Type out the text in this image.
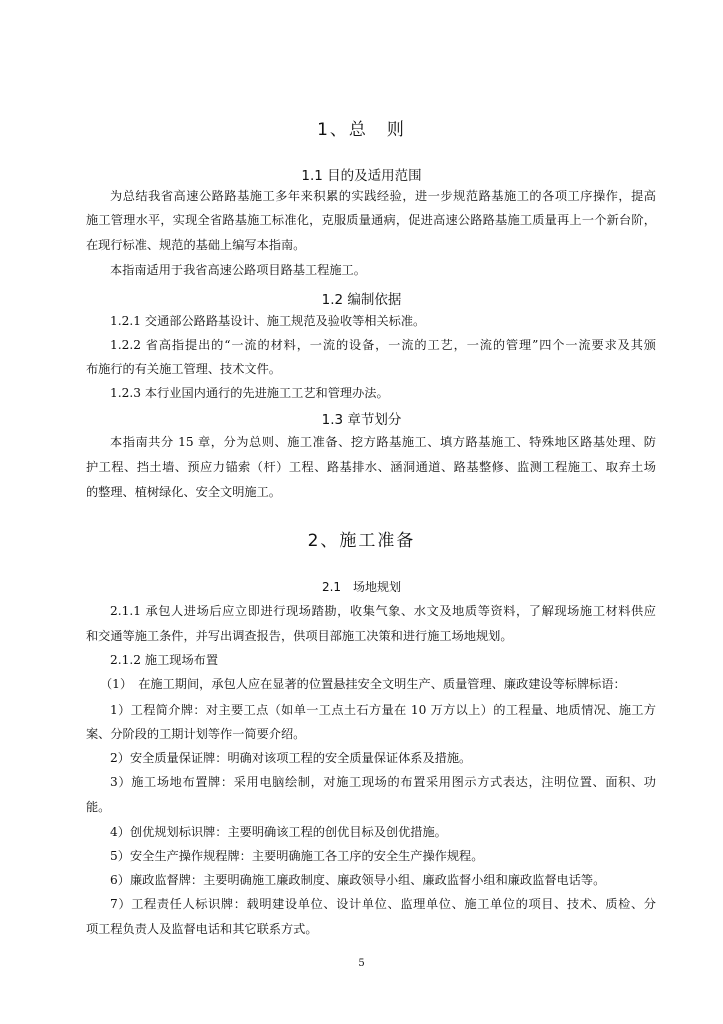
1、总　则
1.1 目的及适用范围
为总结我省高速公路路基施工多年来积累的实践经验，进一步规范路基施工的各项工序操作，提高
施工管理水平，实现全省路基施工标准化，克服质量通病，促进高速公路路基施工质量再上一个新台阶，
在现行标准、规范的基础上编写本指南。
本指南适用于我省高速公路项目路基工程施工。
1.2 编制依据
1.2.1 交通部公路路基设计、施工规范及验收等相关标准。
1.2.2 省高指提出的“一流的材料，一流的设备，一流的工艺，一流的管理”四个一流要求及其颁
布施行的有关施工管理、技术文件。
1.2.3 本行业国内通行的先进施工工艺和管理办法。
1.3 章节划分
本指南共分 15 章，分为总则、施工准备、挖方路基施工、填方路基施工、特殊地区路基处理、防
护工程、挡土墙、预应力锚索（杆）工程、路基排水、涵洞通道、路基整修、监测工程施工、取弃土场
的整理、植树绿化、安全文明施工。
2、施工准备
2.1　场地规划
2.1.1 承包人进场后应立即进行现场踏勘，收集气象、水文及地质等资料，了解现场施工材料供应
和交通等施工条件，并写出调查报告，供项目部施工决策和进行施工场地规划。
2.1.2 施工现场布置
（1）　在施工期间，承包人应在显著的位置悬挂安全文明生产、质量管理、廉政建设等标牌标语：
1）工程简介牌：对主要工点（如单一工点土石方量在 10 万方以上）的工程量、地质情况、施工方
案、分阶段的工期计划等作一简要介绍。
2）安全质量保证牌：明确对该项工程的安全质量保证体系及措施。
3）施工场地布置牌：采用电脑绘制，对施工现场的布置采用图示方式表达，注明位置、面积、功
能。
4）创优规划标识牌：主要明确该工程的创优目标及创优措施。
5）安全生产操作规程牌：主要明确施工各工序的安全生产操作规程。
6）廉政监督牌：主要明确施工廉政制度、廉政领导小组、廉政监督小组和廉政监督电话等。
7）工程责任人标识牌：载明建设单位、设计单位、监理单位、施工单位的项目、技术、质检、分
项工程负责人及监督电话和其它联系方式。
5
